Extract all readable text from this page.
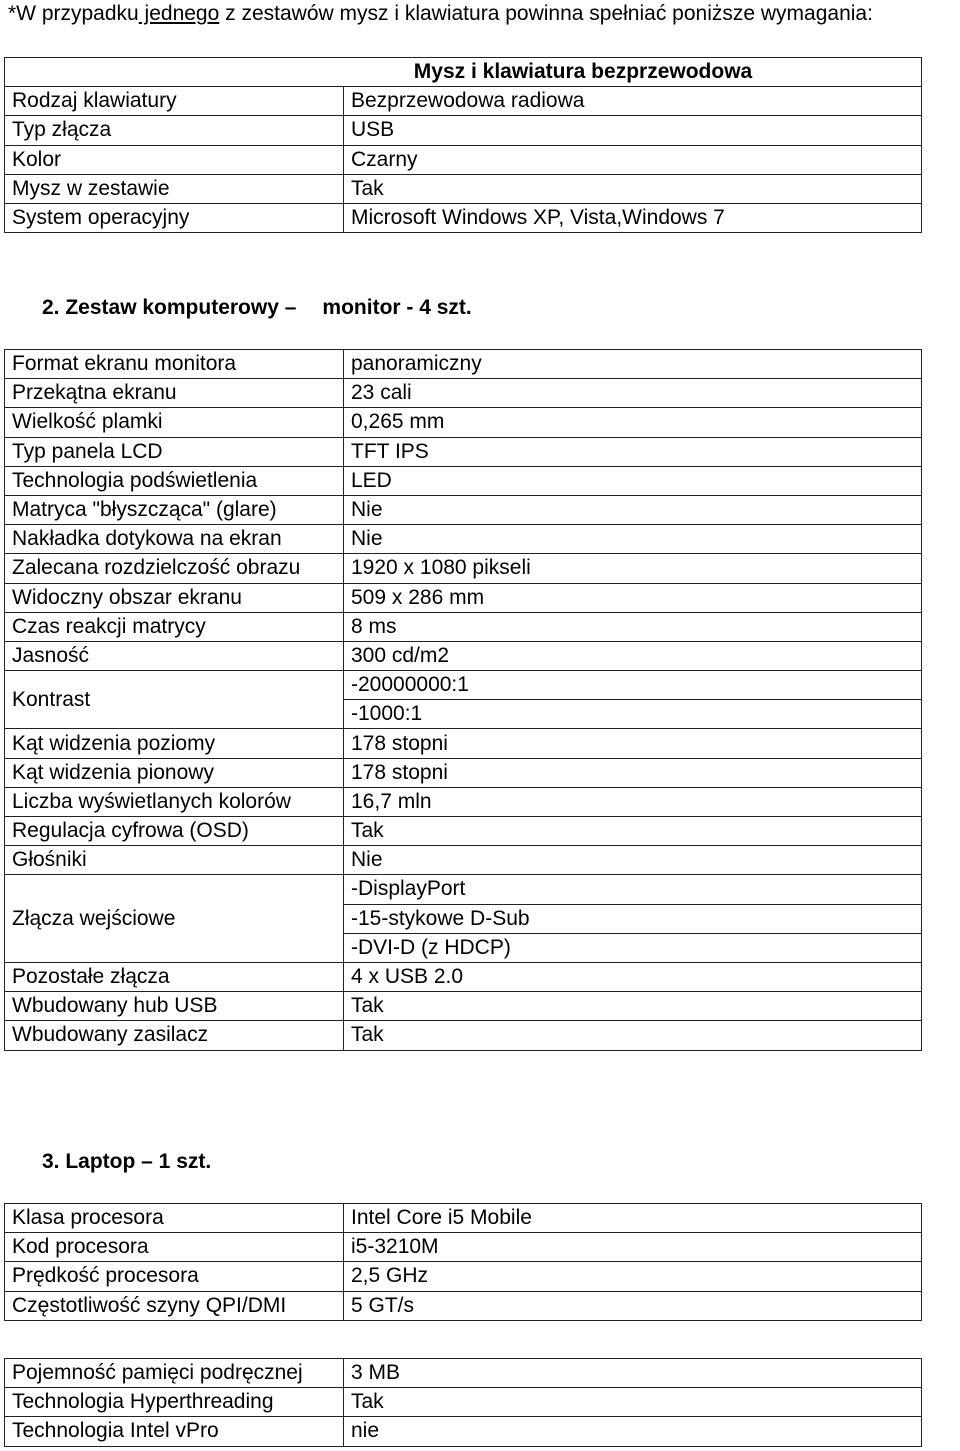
*W przypadku jednego z zestawów mysz i klawiatura powinna spełniać poniższe wymagania:
Mysz i klawiatura bezprzewodowa	
Rodzaj klawiatury	Bezprzewodowa radiowa
Typ złącza	USB
Kolor	Czarny
Mysz w zestawie	Tak
System operacyjny	Microsoft Windows XP, Vista,Windows 7
2. Zestaw komputerowy – monitor - 4 szt.
Format ekranu monitora	panoramiczny
Przekątna ekranu	23 cali
Wielkość plamki	0,265 mm
Typ panela LCD	TFT IPS
Technologia podświetlenia	LED
Matryca "błyszcząca" (glare)	Nie
Nakładka dotykowa na ekran	Nie
Zalecana rozdzielczość obrazu	1920 x 1080 pikseli
Widoczny obszar ekranu	509 x 286 mm
Czas reakcji matrycy	8 ms
Jasność	300 cd/m2
Kontrast	-20000000:1
	-1000:1
Kąt widzenia poziomy	178 stopni
Kąt widzenia pionowy	178 stopni
Liczba wyświetlanych kolorów	16,7 mln
Regulacja cyfrowa (OSD)	Tak
Głośniki	Nie
Złącza wejściowe	-DisplayPort
	-15-stykowe D-Sub
	-DVI-D (z HDCP)
Pozostałe złącza	4 x USB 2.0
Wbudowany hub USB	Tak
Wbudowany zasilacz	Tak
3. Laptop – 1 szt.
Klasa procesora	Intel Core i5 Mobile
Kod procesora	i5-3210M
Prędkość procesora	2,5 GHz
Częstotliwość szyny QPI/DMI	5 GT/s
Pojemność pamięci podręcznej	3 MB
Technologia Hyperthreading	Tak
Technologia Intel vPro	nie
